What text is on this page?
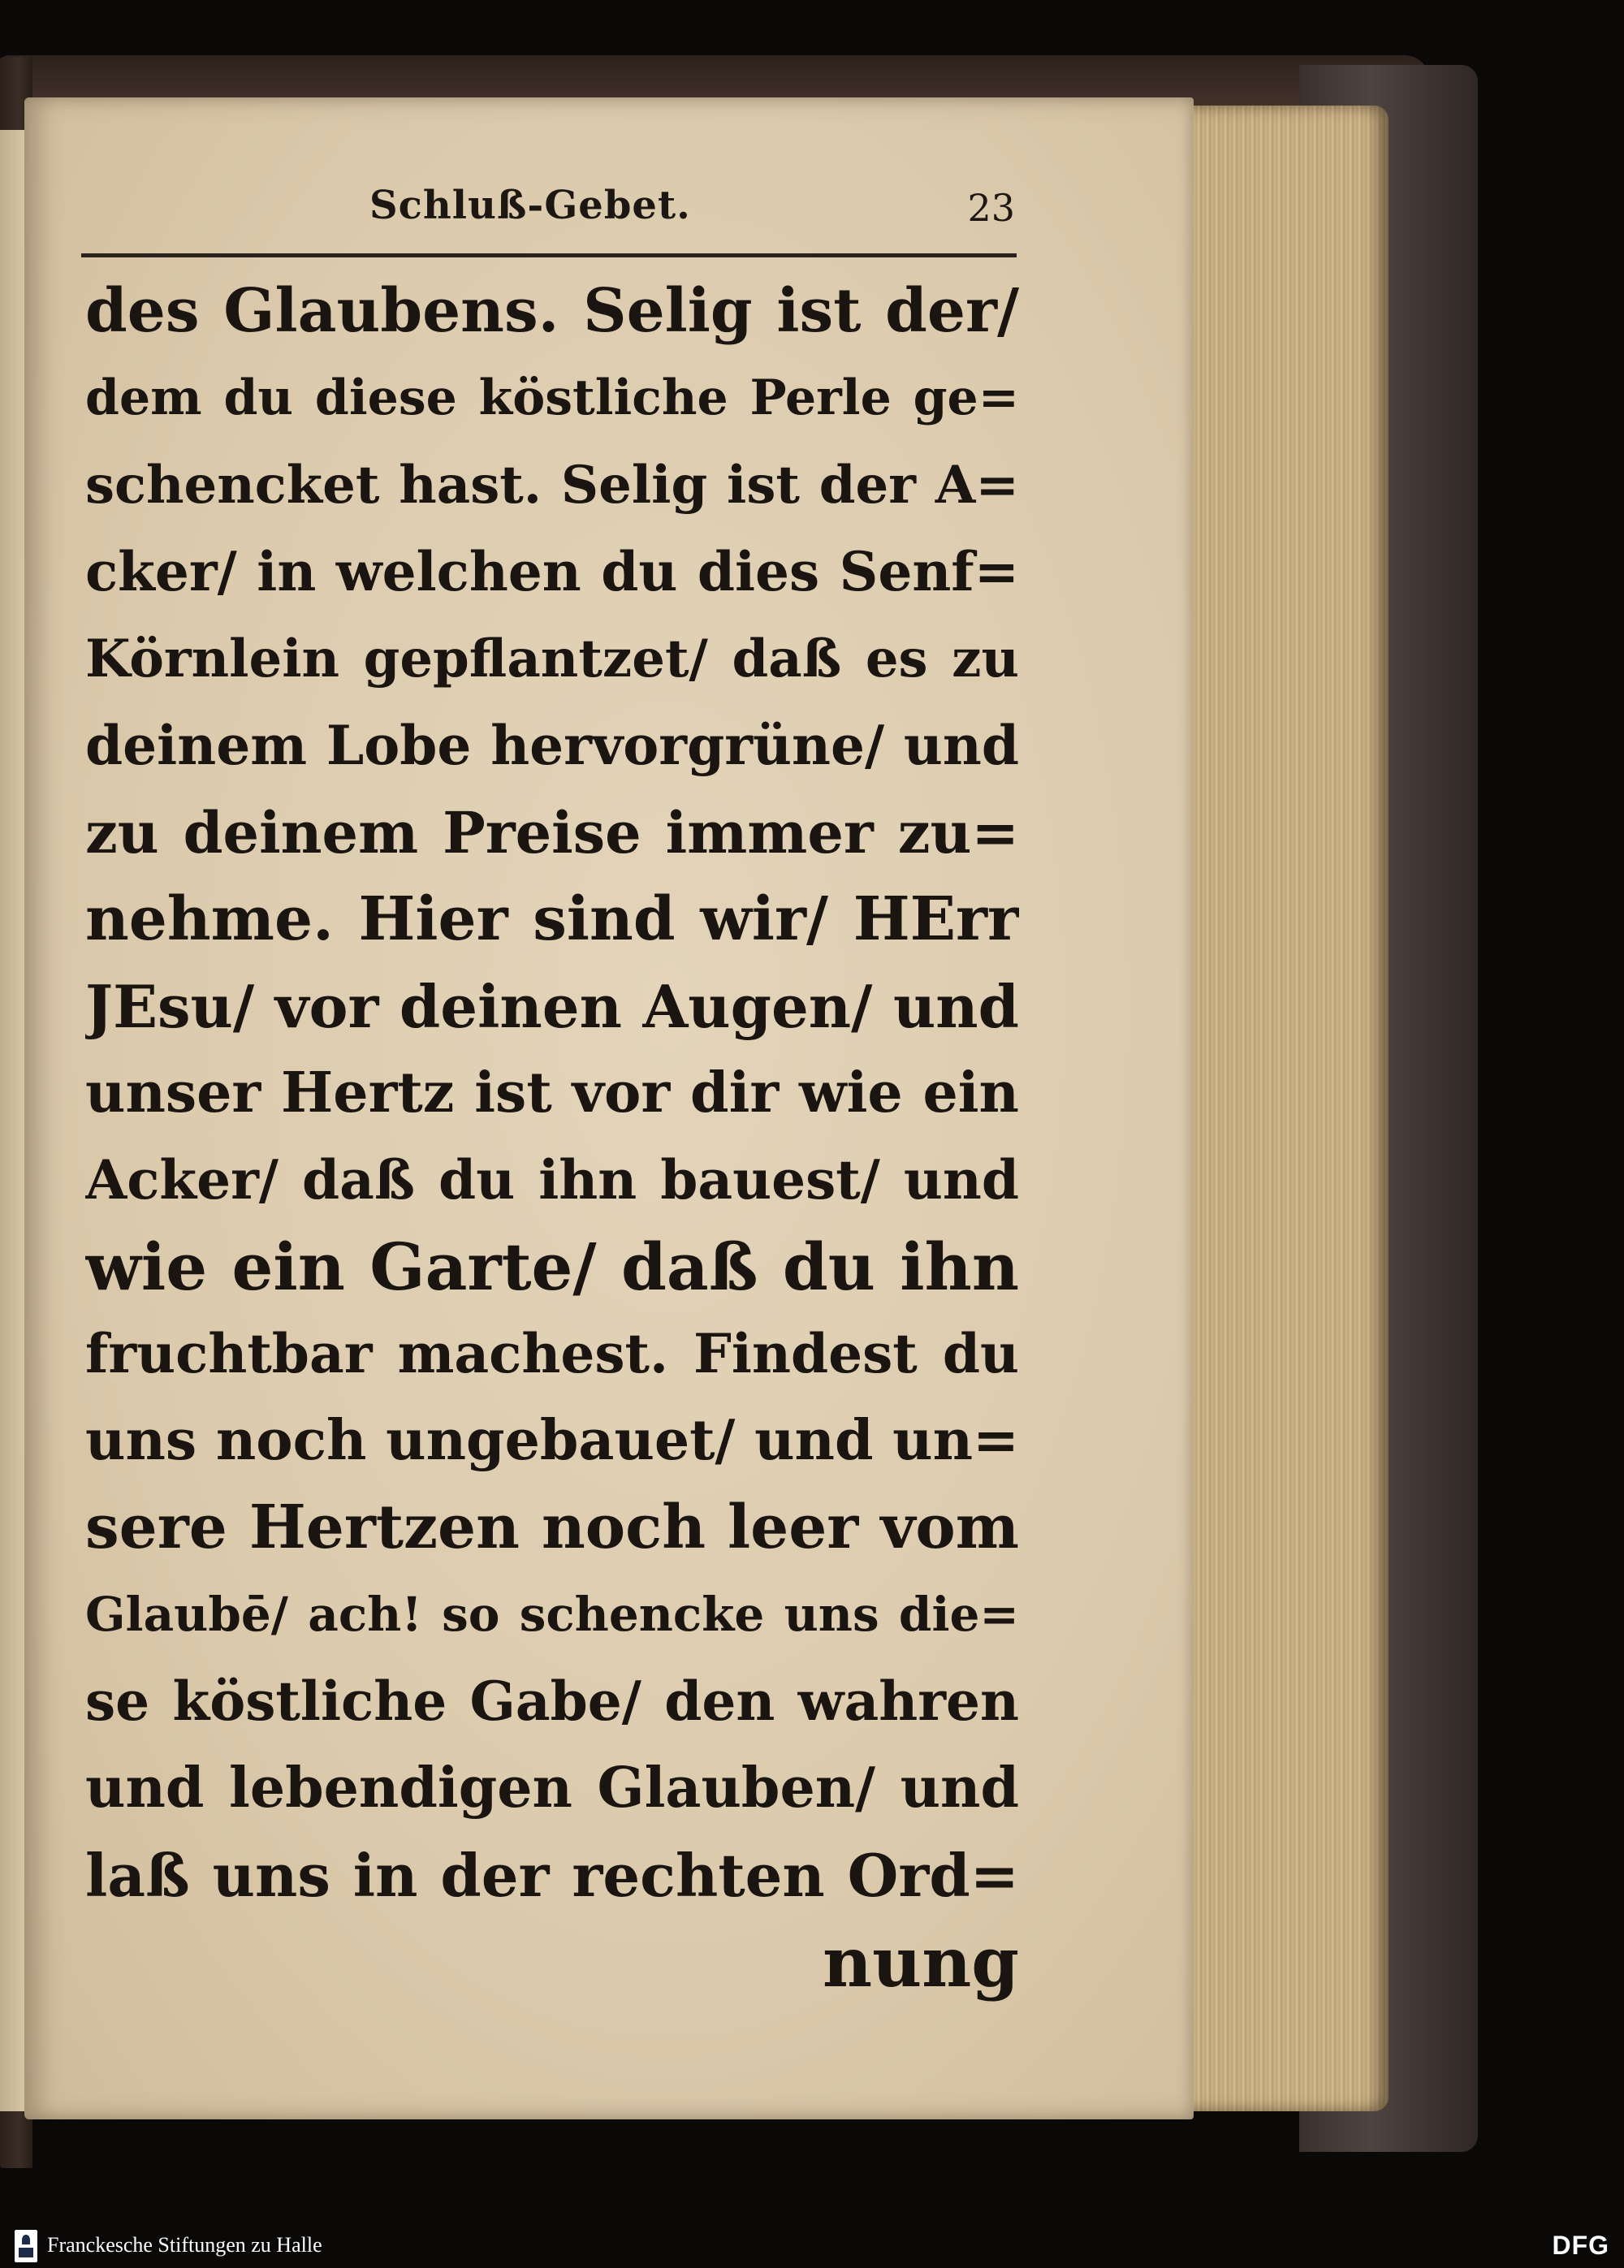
Schluß-Gebet.	23
des Glaubens. Selig ist der/
dem du diese köstliche Perle ge=
schencket hast. Selig ist der A=
cker/ in welchen du dies Senf=
Körnlein gepflantzet/ daß es zu
deinem Lobe hervorgrüne/ und
zu deinem Preise immer zu=
nehme. Hier sind wir/ HErr
JEsu/ vor deinen Augen/ und
unser Hertz ist vor dir wie ein
Acker/ daß du ihn bauest/ und
wie ein Garte/ daß du ihn
fruchtbar machest. Findest du
uns noch ungebauet/ und un=
sere Hertzen noch leer vom
Glaubē/ ach! so schencke uns die=
se köstliche Gabe/ den wahren
und lebendigen Glauben/ und
laß uns in der rechten Ord=
nung
Franckesche Stiftungen zu Halle	DFG
